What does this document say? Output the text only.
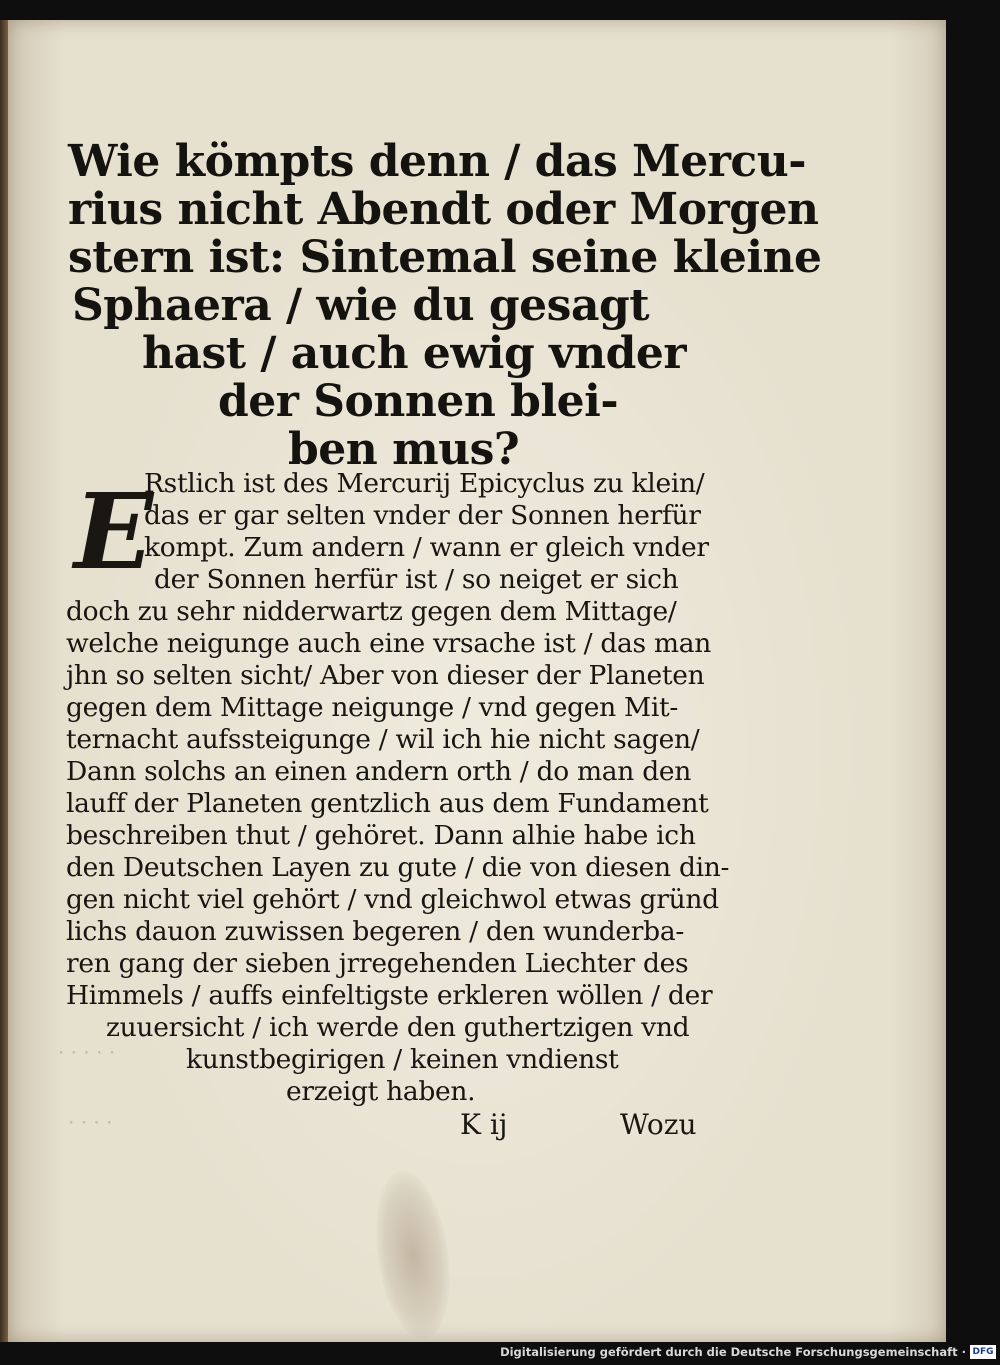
Wie kömpts denn / das Mercu-
rius nicht Abendt oder Morgen
stern ist: Sintemal seine kleine
Sphaera / wie du gesagt
hast / auch ewig vnder
der Sonnen blei-
ben mus?
E
Rstlich ist des Mercurij Epicyclus zu klein/
das er gar selten vnder der Sonnen herfür
kompt. Zum andern / wann er gleich vnder
der Sonnen herfür ist / so neiget er sich
doch zu sehr nidderwartz gegen dem Mittage/
welche neigunge auch eine vrsache ist / das man
jhn so selten sicht/ Aber von dieser der Planeten
gegen dem Mittage neigunge / vnd gegen Mit-
ternacht aufssteigunge / wil ich hie nicht sagen/
Dann solchs an einen andern orth / do man den
lauff der Planeten gentzlich aus dem Fundament
beschreiben thut / gehöret. Dann alhie habe ich
den Deutschen Layen zu gute / die von diesen din-
gen nicht viel gehört / vnd gleichwol etwas gründ
lichs dauon zuwissen begeren / den wunderba-
ren gang der sieben jrregehenden Liechter des
Himmels / auffs einfeltigste erkleren wöllen / der
zuuersicht / ich werde den guthertzigen vnd
kunstbegirigen / keinen vndienst
erzeigt haben.
· · · · ·
· · · ·	K ij	Wozu
Digitalisierung gefördert durch die Deutsche Forschungsgemeinschaft · DFG
